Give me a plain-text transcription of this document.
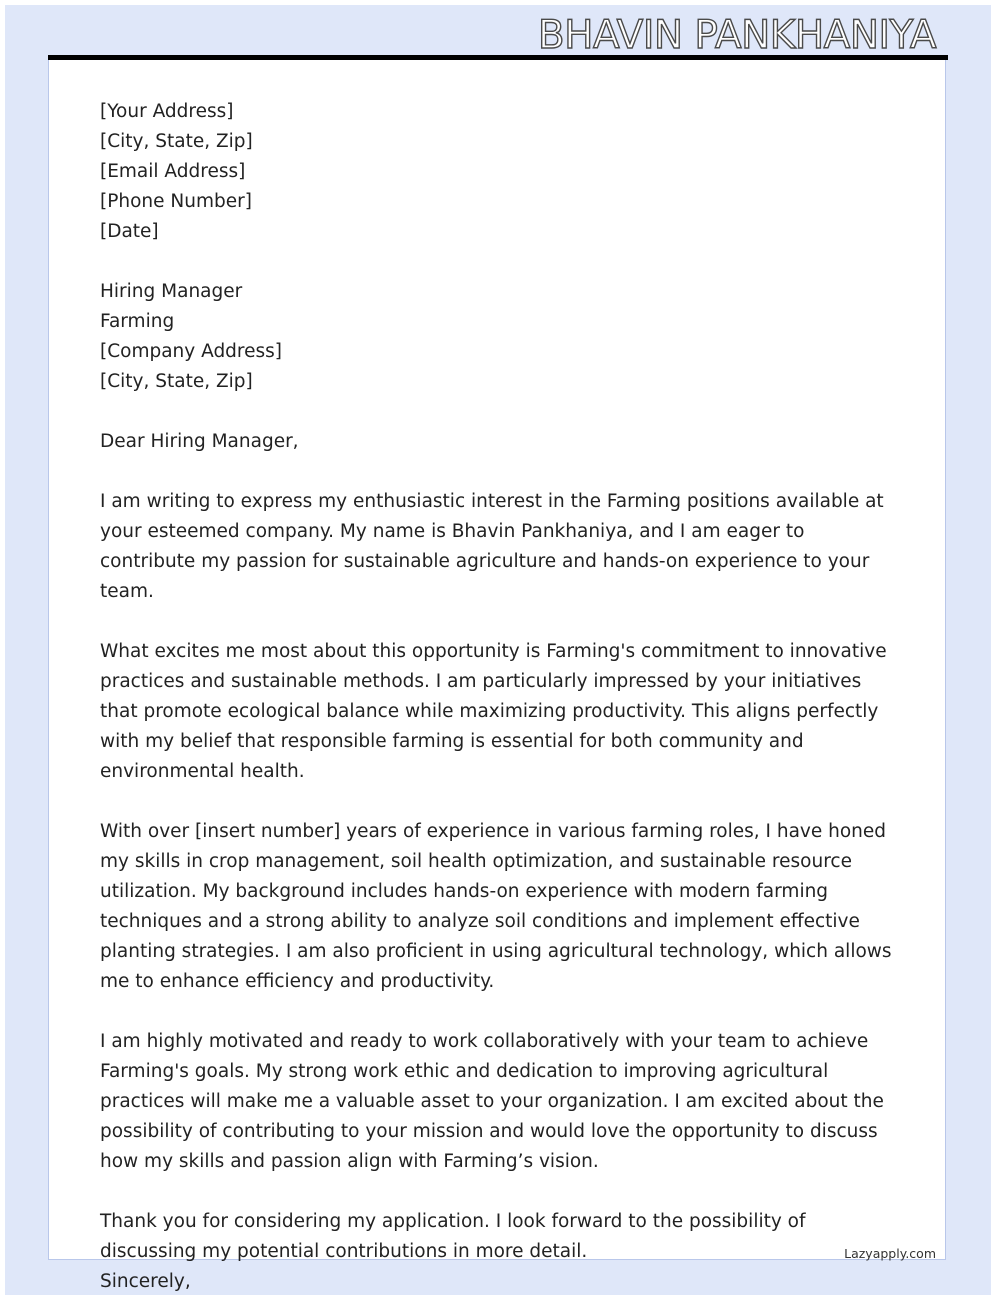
BHAVIN PANKHANIYA
[Your Address]
[City, State, Zip]
[Email Address]
[Phone Number]
[Date]
Hiring Manager
Farming
[Company Address]
[City, State, Zip]
Dear Hiring Manager,

I am writing to express my enthusiastic interest in the Farming positions available at your esteemed company. My name is Bhavin Pankhaniya, and I am eager to contribute my passion for sustainable agriculture and hands-on experience to your team.

What excites me most about this opportunity is Farming's commitment to innovative practices and sustainable methods. I am particularly impressed by your initiatives that promote ecological balance while maximizing productivity. This aligns perfectly with my belief that responsible farming is essential for both community and environmental health.

With over [insert number] years of experience in various farming roles, I have honed my skills in crop management, soil health optimization, and sustainable resource utilization. My background includes hands-on experience with modern farming techniques and a strong ability to analyze soil conditions and implement effective planting strategies. I am also proficient in using agricultural technology, which allows me to enhance efficiency and productivity.

I am highly motivated and ready to work collaboratively with your team to achieve Farming's goals. My strong work ethic and dedication to improving agricultural practices will make me a valuable asset to your organization. I am excited about the possibility of contributing to your mission and would love the opportunity to discuss how my skills and passion align with Farming’s vision.

Thank you for considering my application. I look forward to the possibility of discussing my potential contributions in more detail.	Lazyapply.com
Sincerely,
